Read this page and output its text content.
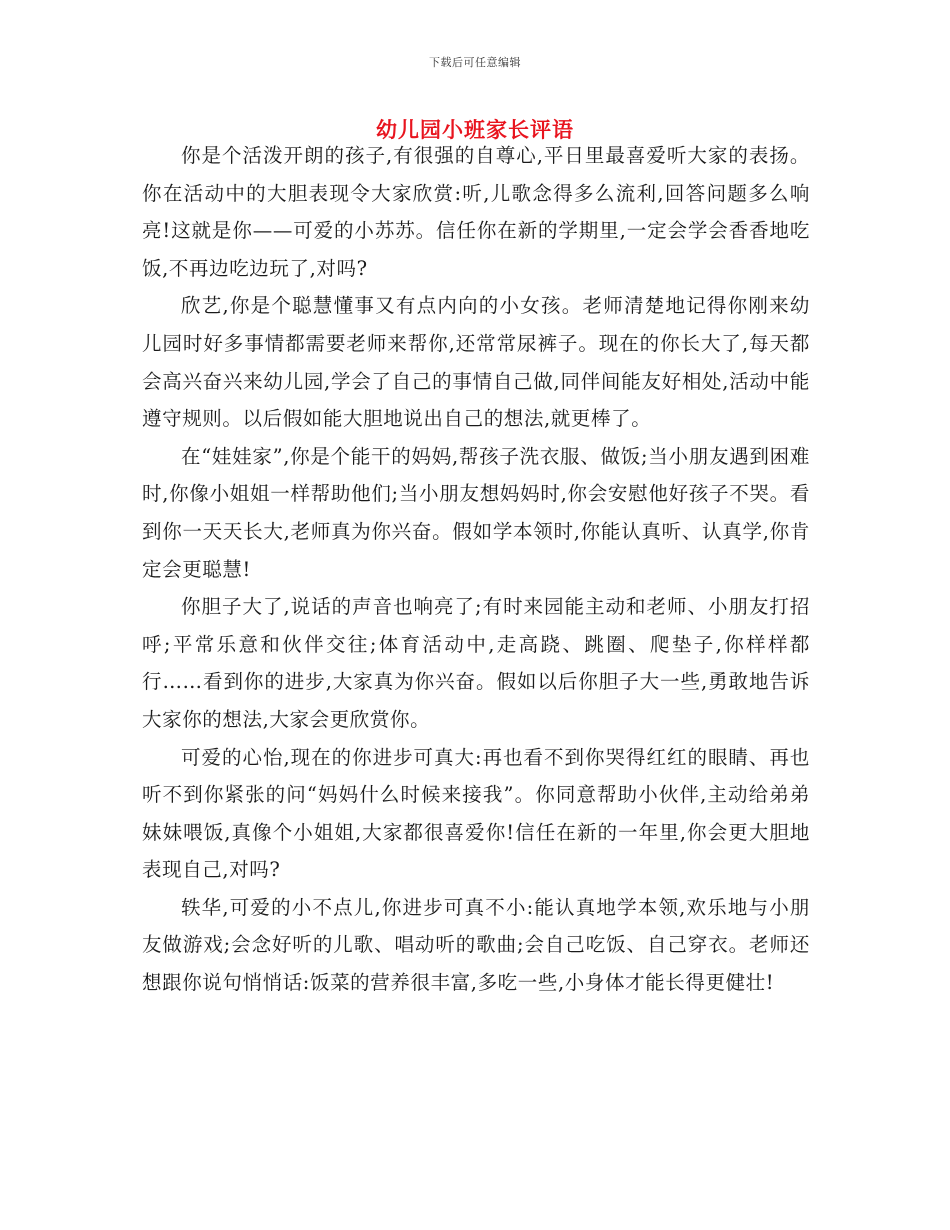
下载后可任意编辑
幼儿园小班家长评语

你是个活泼开朗的孩子,有很强的自尊心,平日里最喜爱听大家的表扬。你在活动中的大胆表现令大家欣赏:听,儿歌念得多么流利,回答问题多么响亮!这就是你——可爱的小苏苏。信任你在新的学期里,一定会学会香香地吃饭,不再边吃边玩了,对吗?

欣艺,你是个聪慧懂事又有点内向的小女孩。老师清楚地记得你刚来幼儿园时好多事情都需要老师来帮你,还常常尿裤子。现在的你长大了,每天都会高兴奋兴来幼儿园,学会了自己的事情自己做,同伴间能友好相处,活动中能遵守规则。以后假如能大胆地说出自己的想法,就更棒了。

在“娃娃家”,你是个能干的妈妈,帮孩子洗衣服、做饭;当小朋友遇到困难时,你像小姐姐一样帮助他们;当小朋友想妈妈时,你会安慰他好孩子不哭。看到你一天天长大,老师真为你兴奋。假如学本领时,你能认真听、认真学,你肯定会更聪慧!

你胆子大了,说话的声音也响亮了;有时来园能主动和老师、小朋友打招呼;平常乐意和伙伴交往;体育活动中,走高跷、跳圈、爬垫子,你样样都行……看到你的进步,大家真为你兴奋。假如以后你胆子大一些,勇敢地告诉大家你的想法,大家会更欣赏你。

可爱的心怡,现在的你进步可真大:再也看不到你哭得红红的眼睛、再也听不到你紧张的问“妈妈什么时候来接我”。你同意帮助小伙伴,主动给弟弟妹妹喂饭,真像个小姐姐,大家都很喜爱你!信任在新的一年里,你会更大胆地表现自己,对吗?

轶华,可爱的小不点儿,你进步可真不小:能认真地学本领,欢乐地与小朋友做游戏;会念好听的儿歌、唱动听的歌曲;会自己吃饭、自己穿衣。老师还想跟你说句悄悄话:饭菜的营养很丰富,多吃一些,小身体才能长得更健壮!
